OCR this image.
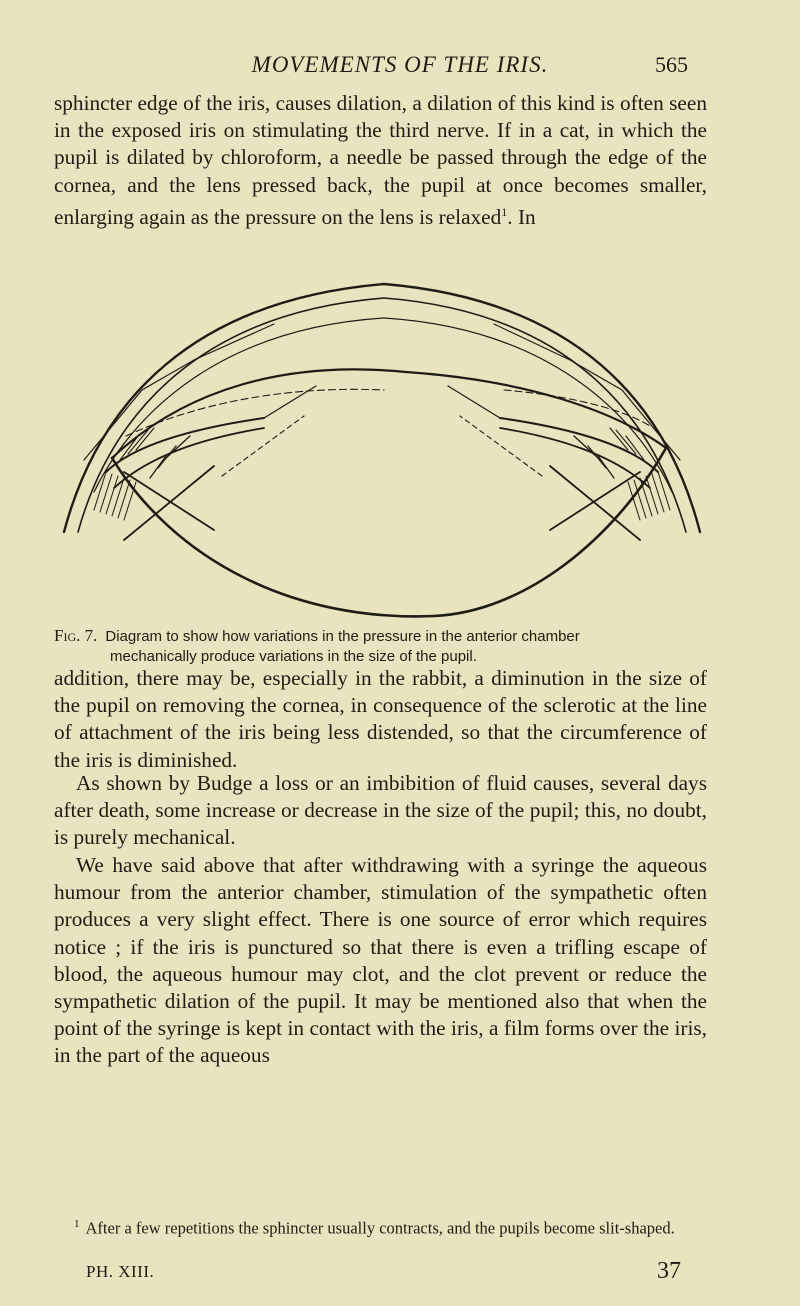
MOVEMENTS OF THE IRIS.	565

sphincter edge of the iris, causes dilation, a dilation of this kind is often seen in the exposed iris on stimulating the third nerve. If in a cat, in which the pupil is dilated by chloroform, a needle be passed through the edge of the cornea, and the lens pressed back, the pupil at once becomes smaller, enlarging again as the pressure on the lens is relaxed$^1$. In

Fig. 7. Diagram to show how variations in the pressure in the anterior chamber
mechanically produce variations in the size of the pupil.

addition, there may be, especially in the rabbit, a diminution in the size of the pupil on removing the cornea, in consequence of the sclerotic at the line of attachment of the iris being less distended, so that the circumference of the iris is diminished.

As shown by Budge a loss or an imbibition of fluid causes, several days after death, some increase or decrease in the size of the pupil; this, no doubt, is purely mechanical.

We have said above that after withdrawing with a syringe the aqueous humour from the anterior chamber, stimulation of the sympathetic often produces a very slight effect. There is one source of error which requires notice ; if the iris is punctured so that there is even a trifling escape of blood, the aqueous humour may clot, and the clot prevent or reduce the sympathetic dilation of the pupil. It may be mentioned also that when the point of the syringe is kept in contact with the iris, a film forms over the iris, in the part of the aqueous

$^1$ After a few repetitions the sphincter usually contracts, and the pupils become slit-shaped.
PH. XIII.	37
